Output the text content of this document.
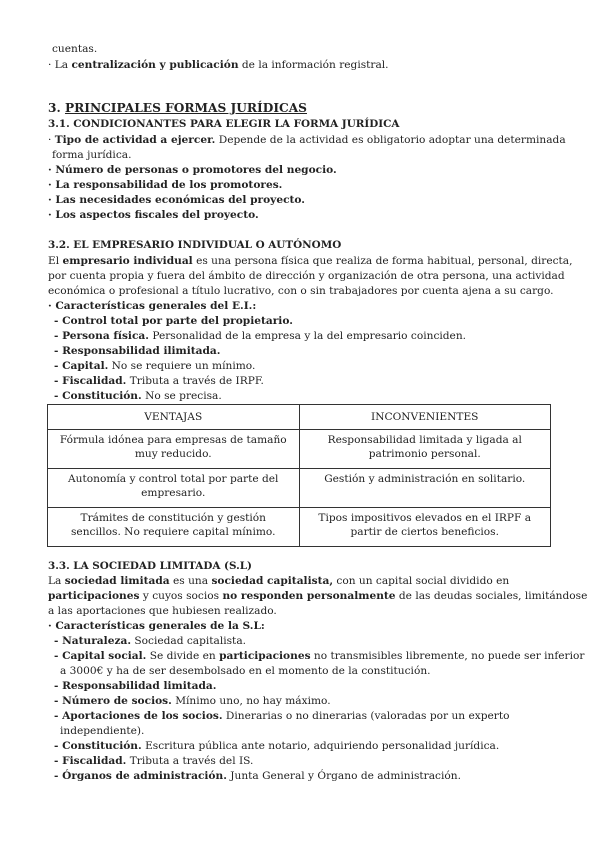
cuentas.
· La centralización y publicación de la información registral.
3. PRINCIPALES FORMAS JURÍDICAS
3.1. CONDICIONANTES PARA ELEGIR LA FORMA JURÍDICA
· Tipo de actividad a ejercer. Depende de la actividad es obligatorio adoptar una determinada
forma jurídica.
· Número de personas o promotores del negocio.
· La responsabilidad de los promotores.
· Las necesidades económicas del proyecto.
· Los aspectos fiscales del proyecto.
3.2. EL EMPRESARIO INDIVIDUAL O AUTÓNOMO
El empresario individual es una persona física que realiza de forma habitual, personal, directa,
por cuenta propia y fuera del ámbito de dirección y organización de otra persona, una actividad
económica o profesional a título lucrativo, con o sin trabajadores por cuenta ajena a su cargo.
· Características generales del E.I.:
- Control total por parte del propietario.
- Persona física. Personalidad de la empresa y la del empresario coinciden.
- Responsabilidad ilimitada.
- Capital. No se requiere un mínimo.
- Fiscalidad. Tributa a través de IRPF.
- Constitución. No se precisa.
VENTAJAS	INCONVENIENTES
Fórmula idónea para empresas de tamaño muy reducido.	Responsabilidad limitada y ligada al patrimonio personal.
Autonomía y control total por parte del empresario.	Gestión y administración en solitario.
Trámites de constitución y gestión sencillos. No requiere capital mínimo.	Tipos impositivos elevados en el IRPF a partir de ciertos beneficios.
3.3. LA SOCIEDAD LIMITADA (S.L)
La sociedad limitada es una sociedad capitalista, con un capital social dividido en
participaciones y cuyos socios no responden personalmente de las deudas sociales, limitándose
a las aportaciones que hubiesen realizado.
· Características generales de la S.L:
- Naturaleza. Sociedad capitalista.
- Capital social. Se divide en participaciones no transmisibles libremente, no puede ser inferior
a 3000€ y ha de ser desembolsado en el momento de la constitución.
- Responsabilidad limitada.
- Número de socios. Mínimo uno, no hay máximo.
- Aportaciones de los socios. Dinerarias o no dinerarias (valoradas por un experto
independiente).
- Constitución. Escritura pública ante notario, adquiriendo personalidad jurídica.
- Fiscalidad. Tributa a través del IS.
- Órganos de administración. Junta General y Órgano de administración.
